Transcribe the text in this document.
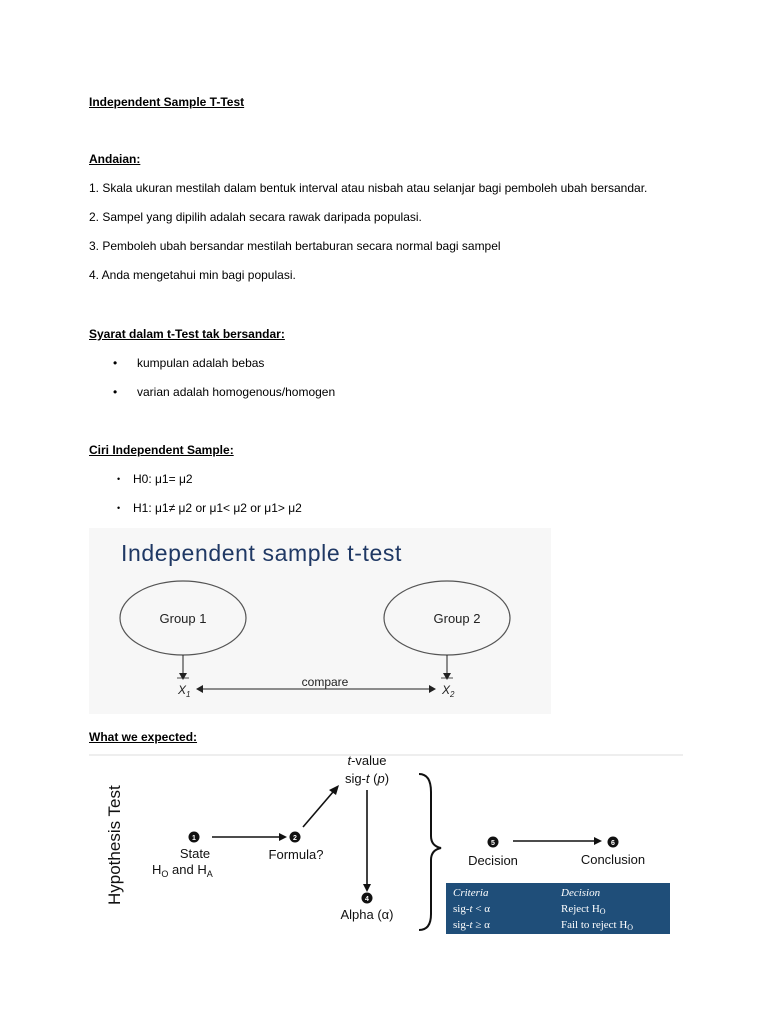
Independent Sample T-Test
Andaian:
1. Skala ukuran mestilah dalam bentuk interval atau nisbah atau selanjar bagi pemboleh ubah bersandar.
2. Sampel yang dipilih adalah secara rawak daripada populasi.
3. Pemboleh ubah bersandar mestilah bertaburan secara normal bagi sampel
4. Anda mengetahui min bagi populasi.
Syarat dalam t-Test tak bersandar:
• kumpulan adalah bebas
• varian adalah homogenous/homogen
Ciri Independent Sample:
• H0: μ1= μ2
• H1: μ1≠ μ2 or μ1< μ2 or μ1> μ2
Independent sample t-test
Group 1	Group 2
$X_1$	$X_2$
compare
What we expected:
Hypothesis Test
t-value
sig-t (p)
1
State
$H_O$ and $H_A$
2
Formula?
4
Alpha (α)
5
Decision
6
Conclusion
Criteria	Decision
sig-t < α	Reject HO
sig-t ≥ α	Fail to reject HO
